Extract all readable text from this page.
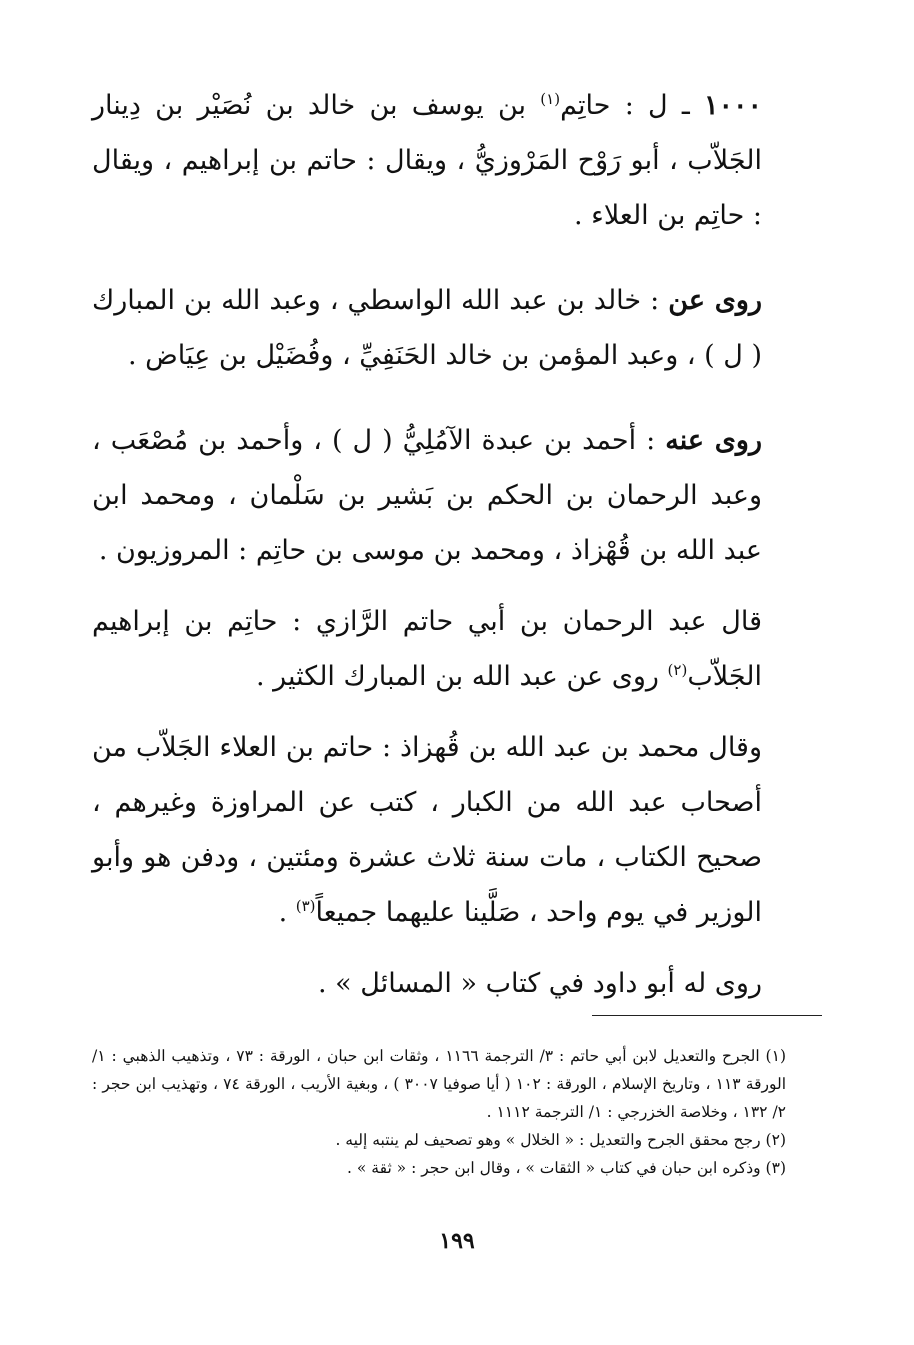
١٠٠٠ ـ ل : حاتِم$^{(١)}$ بن يوسف بن خالد بن نُصَيْر بن دِينار الجَلاّب ، أبو رَوْح المَرْوزيُّ ، ويقال : حاتم بن إبراهيم ، ويقال : حاتِم بن العلاء .

روى عن : خالد بن عبد الله الواسطي ، وعبد الله بن المبارك ( ل ) ، وعبد المؤمن بن خالد الحَنَفِيِّ ، وفُضَيْل بن عِيَاض .

روى عنه : أحمد بن عبدة الآمُلِيُّ ( ل ) ، وأحمد بن مُصْعَب ، وعبد الرحمان بن الحكم بن بَشير بن سَلْمان ، ومحمد ابن عبد الله بن قُهْزاذ ، ومحمد بن موسى بن حاتِم : المروزيون .

قال عبد الرحمان بن أبي حاتم الرَّازي : حاتِم بن إبراهيم الجَلاّب$^{(٢)}$ روى عن عبد الله بن المبارك الكثير .

وقال محمد بن عبد الله بن قُهزاذ : حاتم بن العلاء الجَلاّب من أصحاب عبد الله من الكبار ، كتب عن المراوزة وغيرهم ، صحيح الكتاب ، مات سنة ثلاث عشرة ومئتين ، ودفن هو وأبو الوزير في يوم واحد ، صَلَّينا عليهما جميعاً$^{(٣)}$ .

روى له أبو داود في كتاب « المسائل » .

(١) الجرح والتعديل لابن أبي حاتم : ٣/ الترجمة ١١٦٦ ، وثقات ابن حبان ، الورقة : ٧٣ ، وتذهيب الذهبي : ١/ الورقة ١١٣ ، وتاريخ الإسلام ، الورقة : ١٠٢ ( أيا صوفيا ٣٠٠٧ ) ، وبغية الأريب ، الورقة ٧٤ ، وتهذيب ابن حجر : ٢/ ١٣٢ ، وخلاصة الخزرجي : ١/ الترجمة ١١١٢ .

(٢) رجح محقق الجرح والتعديل : « الخلال » وهو تصحيف لم ينتبه إليه .

(٣) وذكره ابن حبان في كتاب « الثقات » ، وقال ابن حجر : « ثقة » .

١٩٩
